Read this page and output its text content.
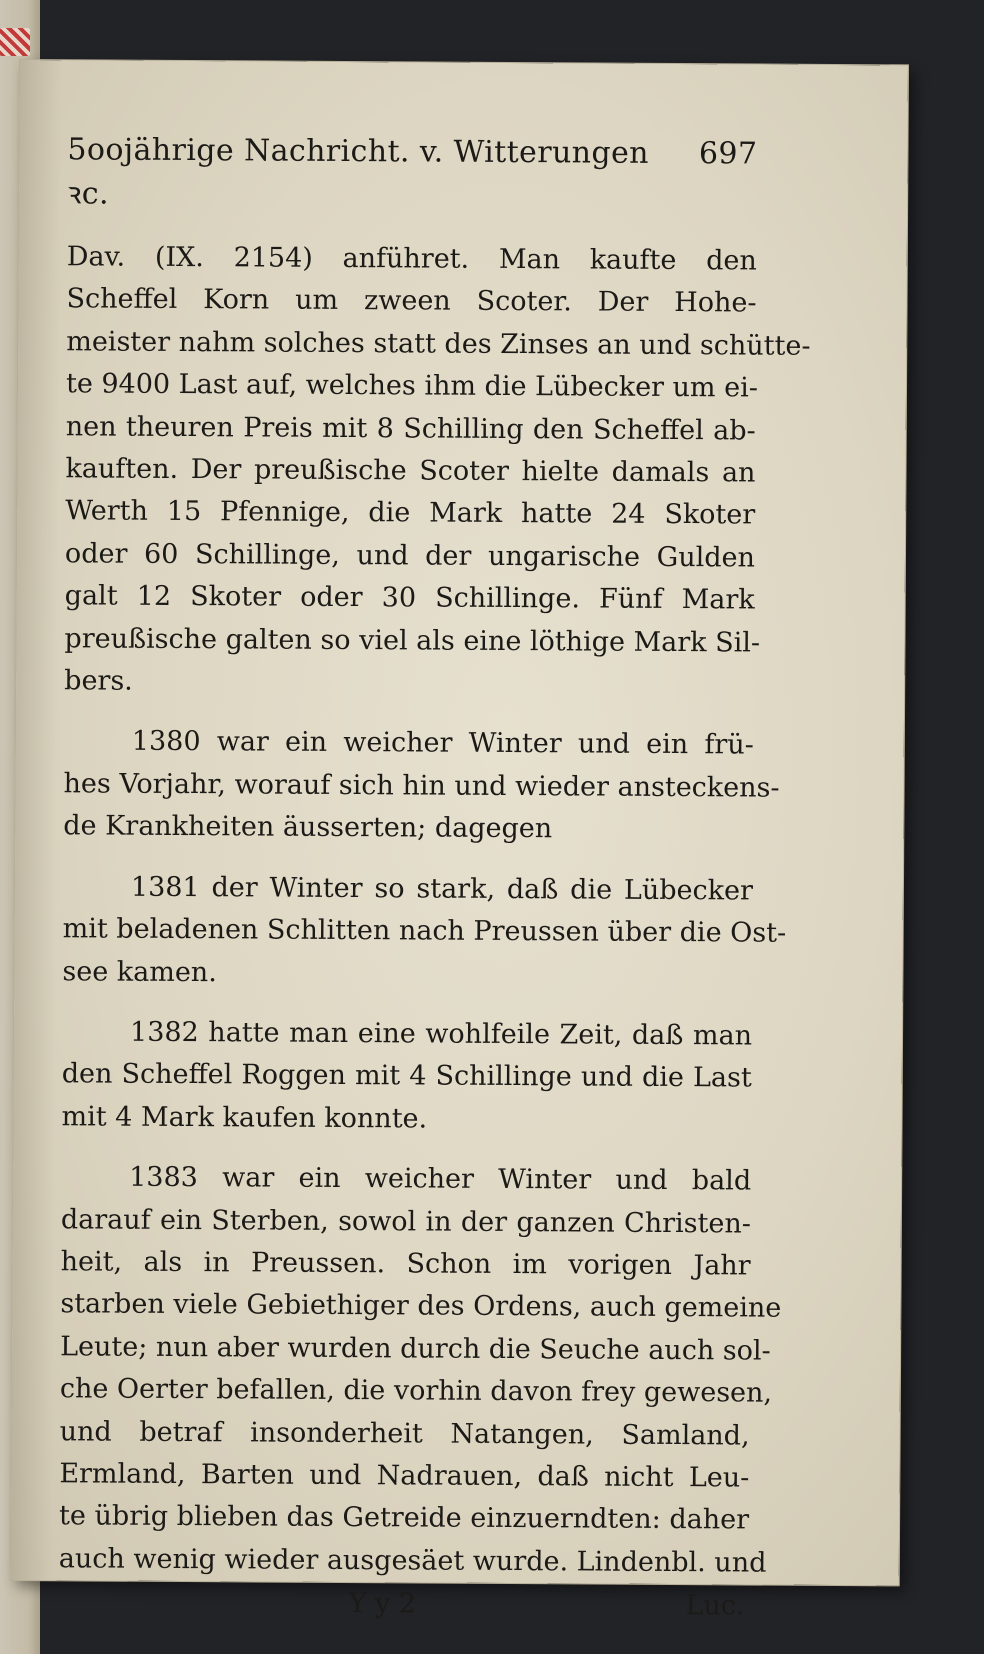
5oojährige Nachricht. v. Witterungen ꝛc.
697
Dav. (IX. 2154) anführet. Man kaufte den
Scheffel Korn um zween Scoter. Der Hohe-
meister nahm solches statt des Zinses an und schütte-
te 9400 Last auf, welches ihm die Lübecker um ei-
nen theuren Preis mit 8 Schilling den Scheffel ab-
kauften. Der preußische Scoter hielte damals an
Werth 15 Pfennige, die Mark hatte 24 Skoter
oder 60 Schillinge, und der ungarische Gulden
galt 12 Skoter oder 30 Schillinge. Fünf Mark
preußische galten so viel als eine löthige Mark Sil-
bers.
1380 war ein weicher Winter und ein frü-
hes Vorjahr, worauf sich hin und wieder ansteckens-
de Krankheiten äusserten; dagegen
1381 der Winter so stark, daß die Lübecker
mit beladenen Schlitten nach Preussen über die Ost-
see kamen.
1382 hatte man eine wohlfeile Zeit, daß man
den Scheffel Roggen mit 4 Schillinge und die Last
mit 4 Mark kaufen konnte.
1383 war ein weicher Winter und bald
darauf ein Sterben, sowol in der ganzen Christen-
heit, als in Preussen. Schon im vorigen Jahr
starben viele Gebiethiger des Ordens, auch gemeine
Leute; nun aber wurden durch die Seuche auch sol-
che Oerter befallen, die vorhin davon frey gewesen,
und betraf insonderheit Natangen, Samland,
Ermland, Barten und Nadrauen, daß nicht Leu-
te übrig blieben das Getreide einzuerndten: daher
auch wenig wieder ausgesäet wurde. Lindenbl. und
Y y 2	Luc.
